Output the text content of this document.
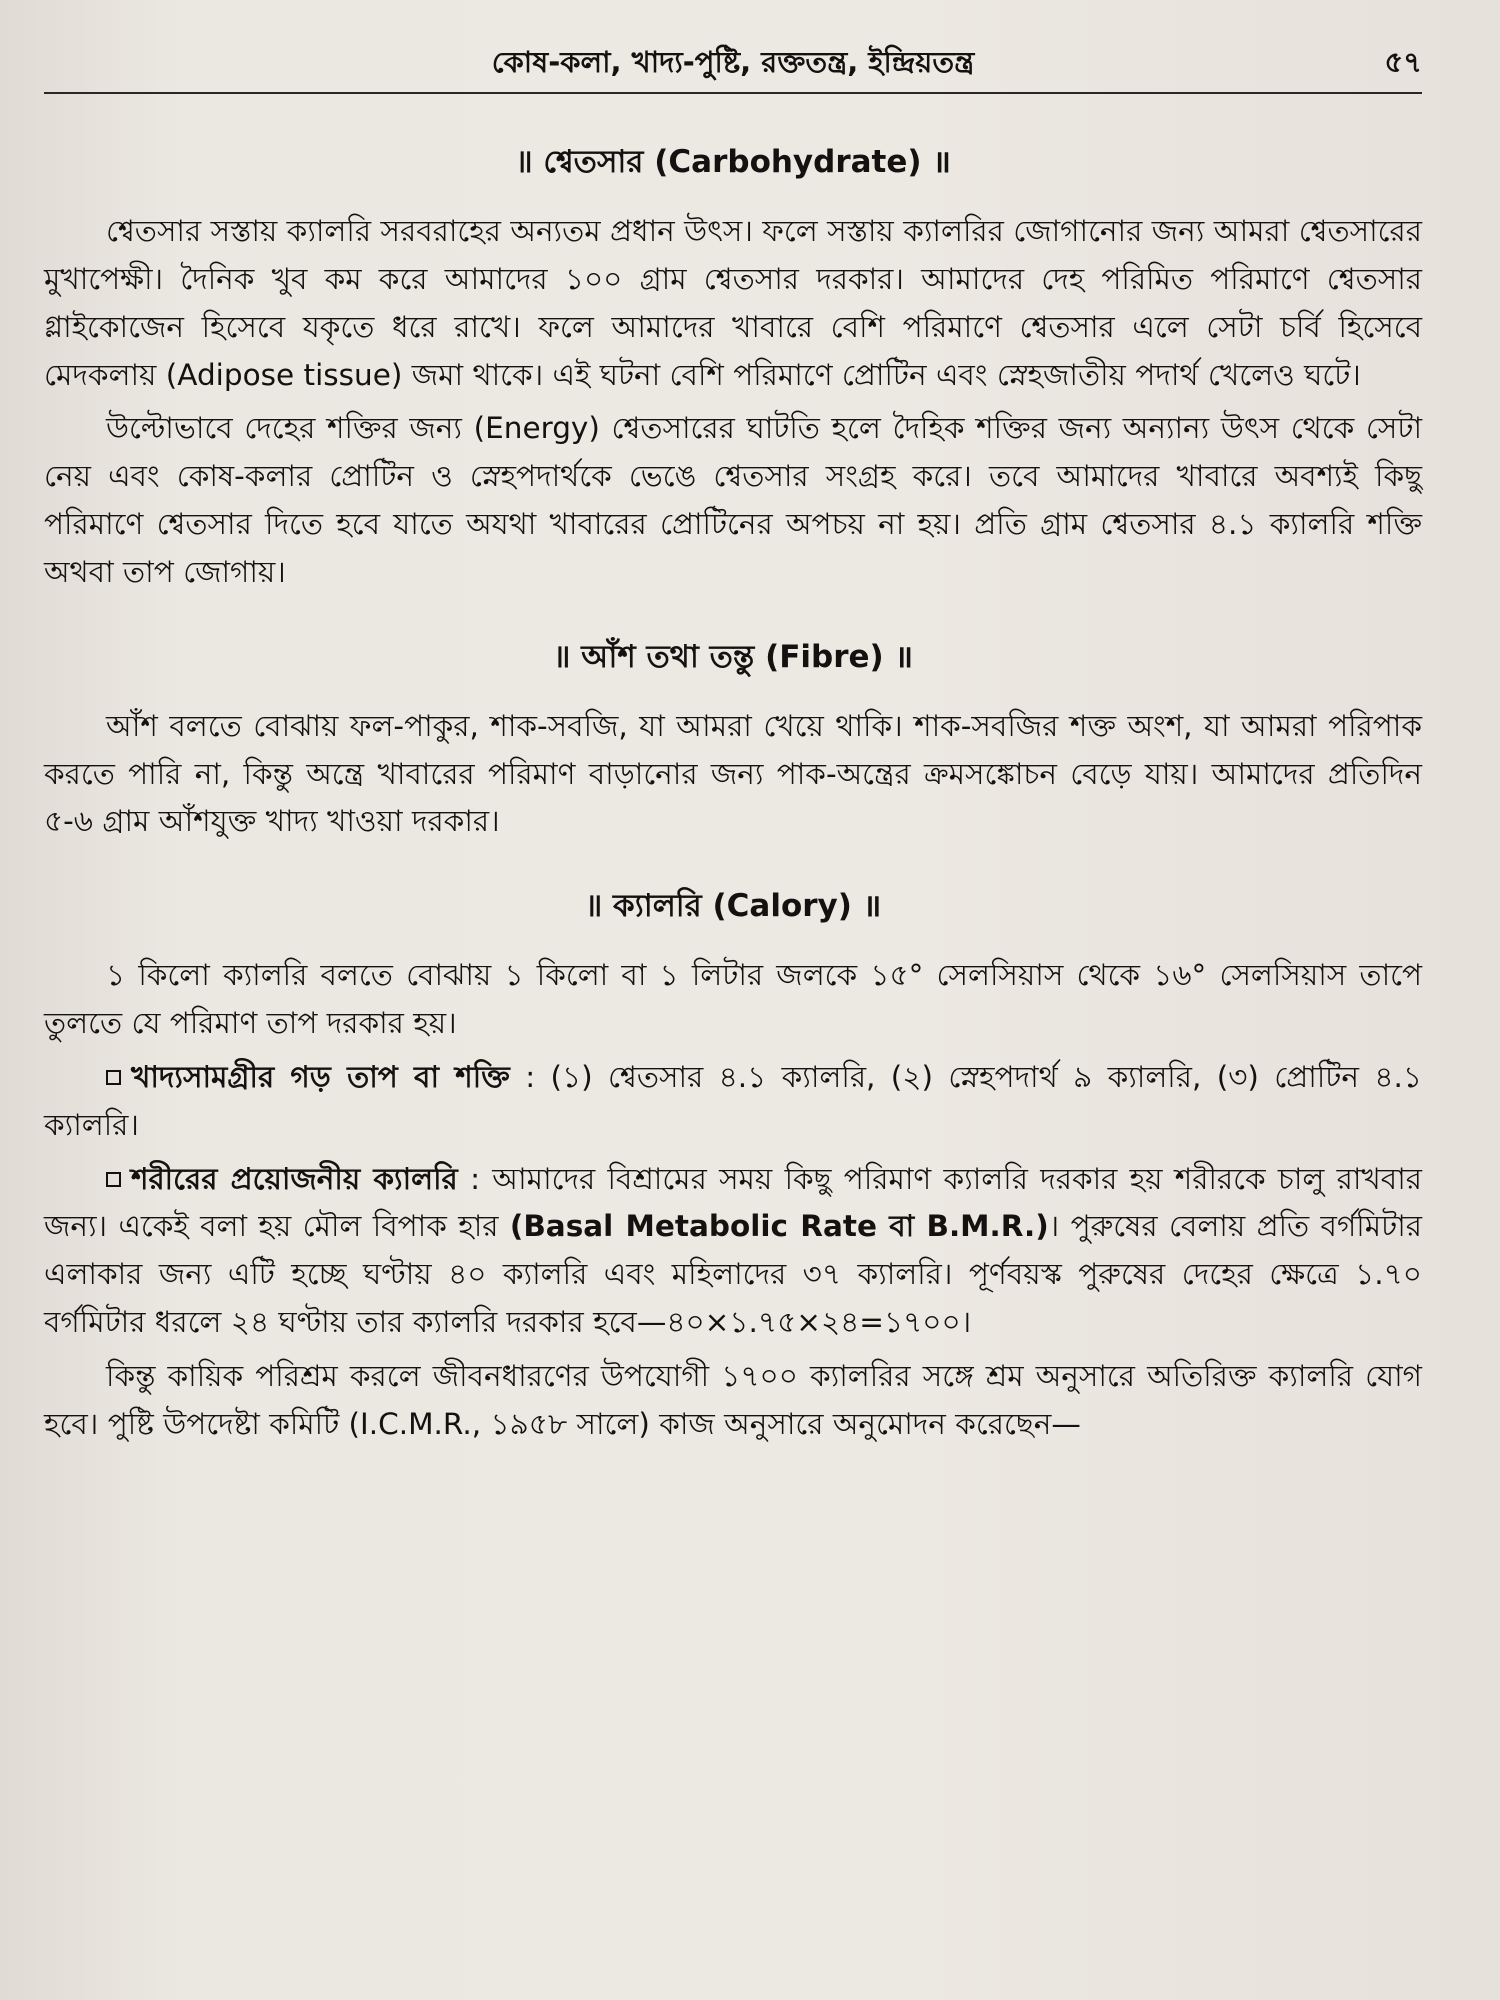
কোষ-কলা, খাদ্য-পুষ্টি, রক্ততন্ত্র, ইন্দ্রিয়তন্ত্র	৫৭
॥ শ্বেতসার (Carbohydrate) ॥

শ্বেতসার সস্তায় ক্যালরি সরবরাহের অন্যতম প্রধান উৎস। ফলে সস্তায় ক্যালরির জোগানোর জন্য আমরা শ্বেতসারের মুখাপেক্ষী। দৈনিক খুব কম করে আমাদের ১০০ গ্রাম শ্বেতসার দরকার। আমাদের দেহ পরিমিত পরিমাণে শ্বেতসার গ্লাইকোজেন হিসেবে যকৃতে ধরে রাখে। ফলে আমাদের খাবারে বেশি পরিমাণে শ্বেতসার এলে সেটা চর্বি হিসেবে মেদকলায় (Adipose tissue) জমা থাকে। এই ঘটনা বেশি পরিমাণে প্রোটিন এবং স্নেহজাতীয় পদার্থ খেলেও ঘটে।

উল্টোভাবে দেহের শক্তির জন্য (Energy) শ্বেতসারের ঘাটতি হলে দৈহিক শক্তির জন্য অন্যান্য উৎস থেকে সেটা নেয় এবং কোষ-কলার প্রোটিন ও স্নেহপদার্থকে ভেঙে শ্বেতসার সংগ্রহ করে। তবে আমাদের খাবারে অবশ্যই কিছু পরিমাণে শ্বেতসার দিতে হবে যাতে অযথা খাবারের প্রোটিনের অপচয় না হয়। প্রতি গ্রাম শ্বেতসার ৪.১ ক্যালরি শক্তি অথবা তাপ জোগায়।

॥ আঁশ তথা তন্তু (Fibre) ॥

আঁশ বলতে বোঝায় ফল-পাকুর, শাক-সবজি, যা আমরা খেয়ে থাকি। শাক-সবজির শক্ত অংশ, যা আমরা পরিপাক করতে পারি না, কিন্তু অন্ত্রে খাবারের পরিমাণ বাড়ানোর জন্য পাক-অন্ত্রের ক্রমসঙ্কোচন বেড়ে যায়। আমাদের প্রতিদিন ৫-৬ গ্রাম আঁশযুক্ত খাদ্য খাওয়া দরকার।

॥ ক্যালরি (Calory) ॥

১ কিলো ক্যালরি বলতে বোঝায় ১ কিলো বা ১ লিটার জলকে ১৫° সেলসিয়াস থেকে ১৬° সেলসিয়াস তাপে তুলতে যে পরিমাণ তাপ দরকার হয়।

খাদ্যসামগ্রীর গড় তাপ বা শক্তি : (১) শ্বেতসার ৪.১ ক্যালরি, (২) স্নেহপদার্থ ৯ ক্যালরি, (৩) প্রোটিন ৪.১ ক্যালরি।

শরীরের প্রয়োজনীয় ক্যালরি : আমাদের বিশ্রামের সময় কিছু পরিমাণ ক্যালরি দরকার হয় শরীরকে চালু রাখবার জন্য। একেই বলা হয় মৌল বিপাক হার (Basal Metabolic Rate বা B.M.R.)। পুরুষের বেলায় প্রতি বর্গমিটার এলাকার জন্য এটি হচ্ছে ঘণ্টায় ৪০ ক্যালরি এবং মহিলাদের ৩৭ ক্যালরি। পূর্ণবয়স্ক পুরুষের দেহের ক্ষেত্রে ১.৭০ বর্গমিটার ধরলে ২৪ ঘণ্টায় তার ক্যালরি দরকার হবে—৪০×১.৭৫×২৪=১৭০০।

কিন্তু কায়িক পরিশ্রম করলে জীবনধারণের উপযোগী ১৭০০ ক্যালরির সঙ্গে শ্রম অনুসারে অতিরিক্ত ক্যালরি যোগ হবে। পুষ্টি উপদেষ্টা কমিটি (I.C.M.R., ১৯৫৮ সালে) কাজ অনুসারে অনুমোদন করেছেন—
